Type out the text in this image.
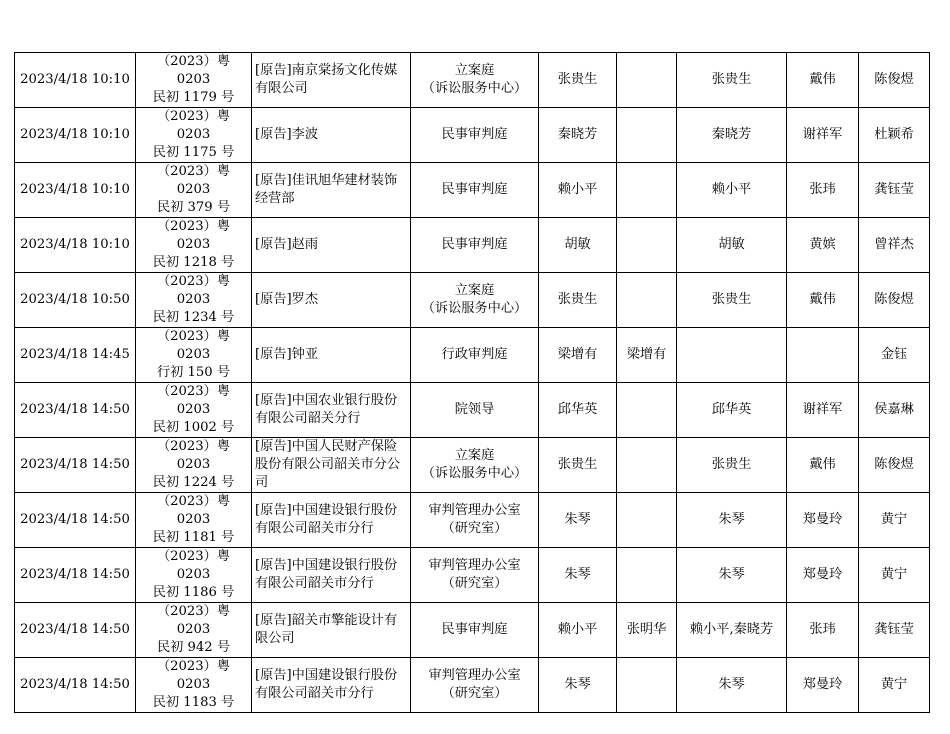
2023/4/18 10:10	（2023）粤 0203
民初 1179 号	[原告]南京棠扬文化传媒有限公司	立案庭
（诉讼服务中心）	张贵生		张贵生	戴伟	陈俊煜
2023/4/18 10:10	（2023）粤 0203
民初 1175 号	[原告]李波	民事审判庭	秦晓芳		秦晓芳	谢祥军	杜颖希
2023/4/18 10:10	（2023）粤 0203
民初 379 号	[原告]佳讯旭华建材装饰经营部	民事审判庭	赖小平		赖小平	张玮	龚钰莹
2023/4/18 10:10	（2023）粤 0203
民初 1218 号	[原告]赵雨	民事审判庭	胡敏		胡敏	黄嫔	曾祥杰
2023/4/18 10:50	（2023）粤 0203
民初 1234 号	[原告]罗杰	立案庭
（诉讼服务中心）	张贵生		张贵生	戴伟	陈俊煜
2023/4/18 14:45	（2023）粤 0203
行初 150 号	[原告]钟亚	行政审判庭	梁增有	梁增有			金钰
2023/4/18 14:50	（2023）粤 0203
民初 1002 号	[原告]中国农业银行股份有限公司韶关分行	院领导	邱华英		邱华英	谢祥军	侯嘉琳
2023/4/18 14:50	（2023）粤 0203
民初 1224 号	[原告]中国人民财产保险股份有限公司韶关市分公司	立案庭
（诉讼服务中心）	张贵生		张贵生	戴伟	陈俊煜
2023/4/18 14:50	（2023）粤 0203
民初 1181 号	[原告]中国建设银行股份有限公司韶关市分行	审判管理办公室
（研究室）	朱琴		朱琴	郑曼玲	黄宁
2023/4/18 14:50	（2023）粤 0203
民初 1186 号	[原告]中国建设银行股份有限公司韶关市分行	审判管理办公室
（研究室）	朱琴		朱琴	郑曼玲	黄宁
2023/4/18 14:50	（2023）粤 0203
民初 942 号	[原告]韶关市擎能设计有限公司	民事审判庭	赖小平	张明华	赖小平,秦晓芳	张玮	龚钰莹
2023/4/18 14:50	（2023）粤 0203
民初 1183 号	[原告]中国建设银行股份有限公司韶关市分行	审判管理办公室
（研究室）	朱琴		朱琴	郑曼玲	黄宁
